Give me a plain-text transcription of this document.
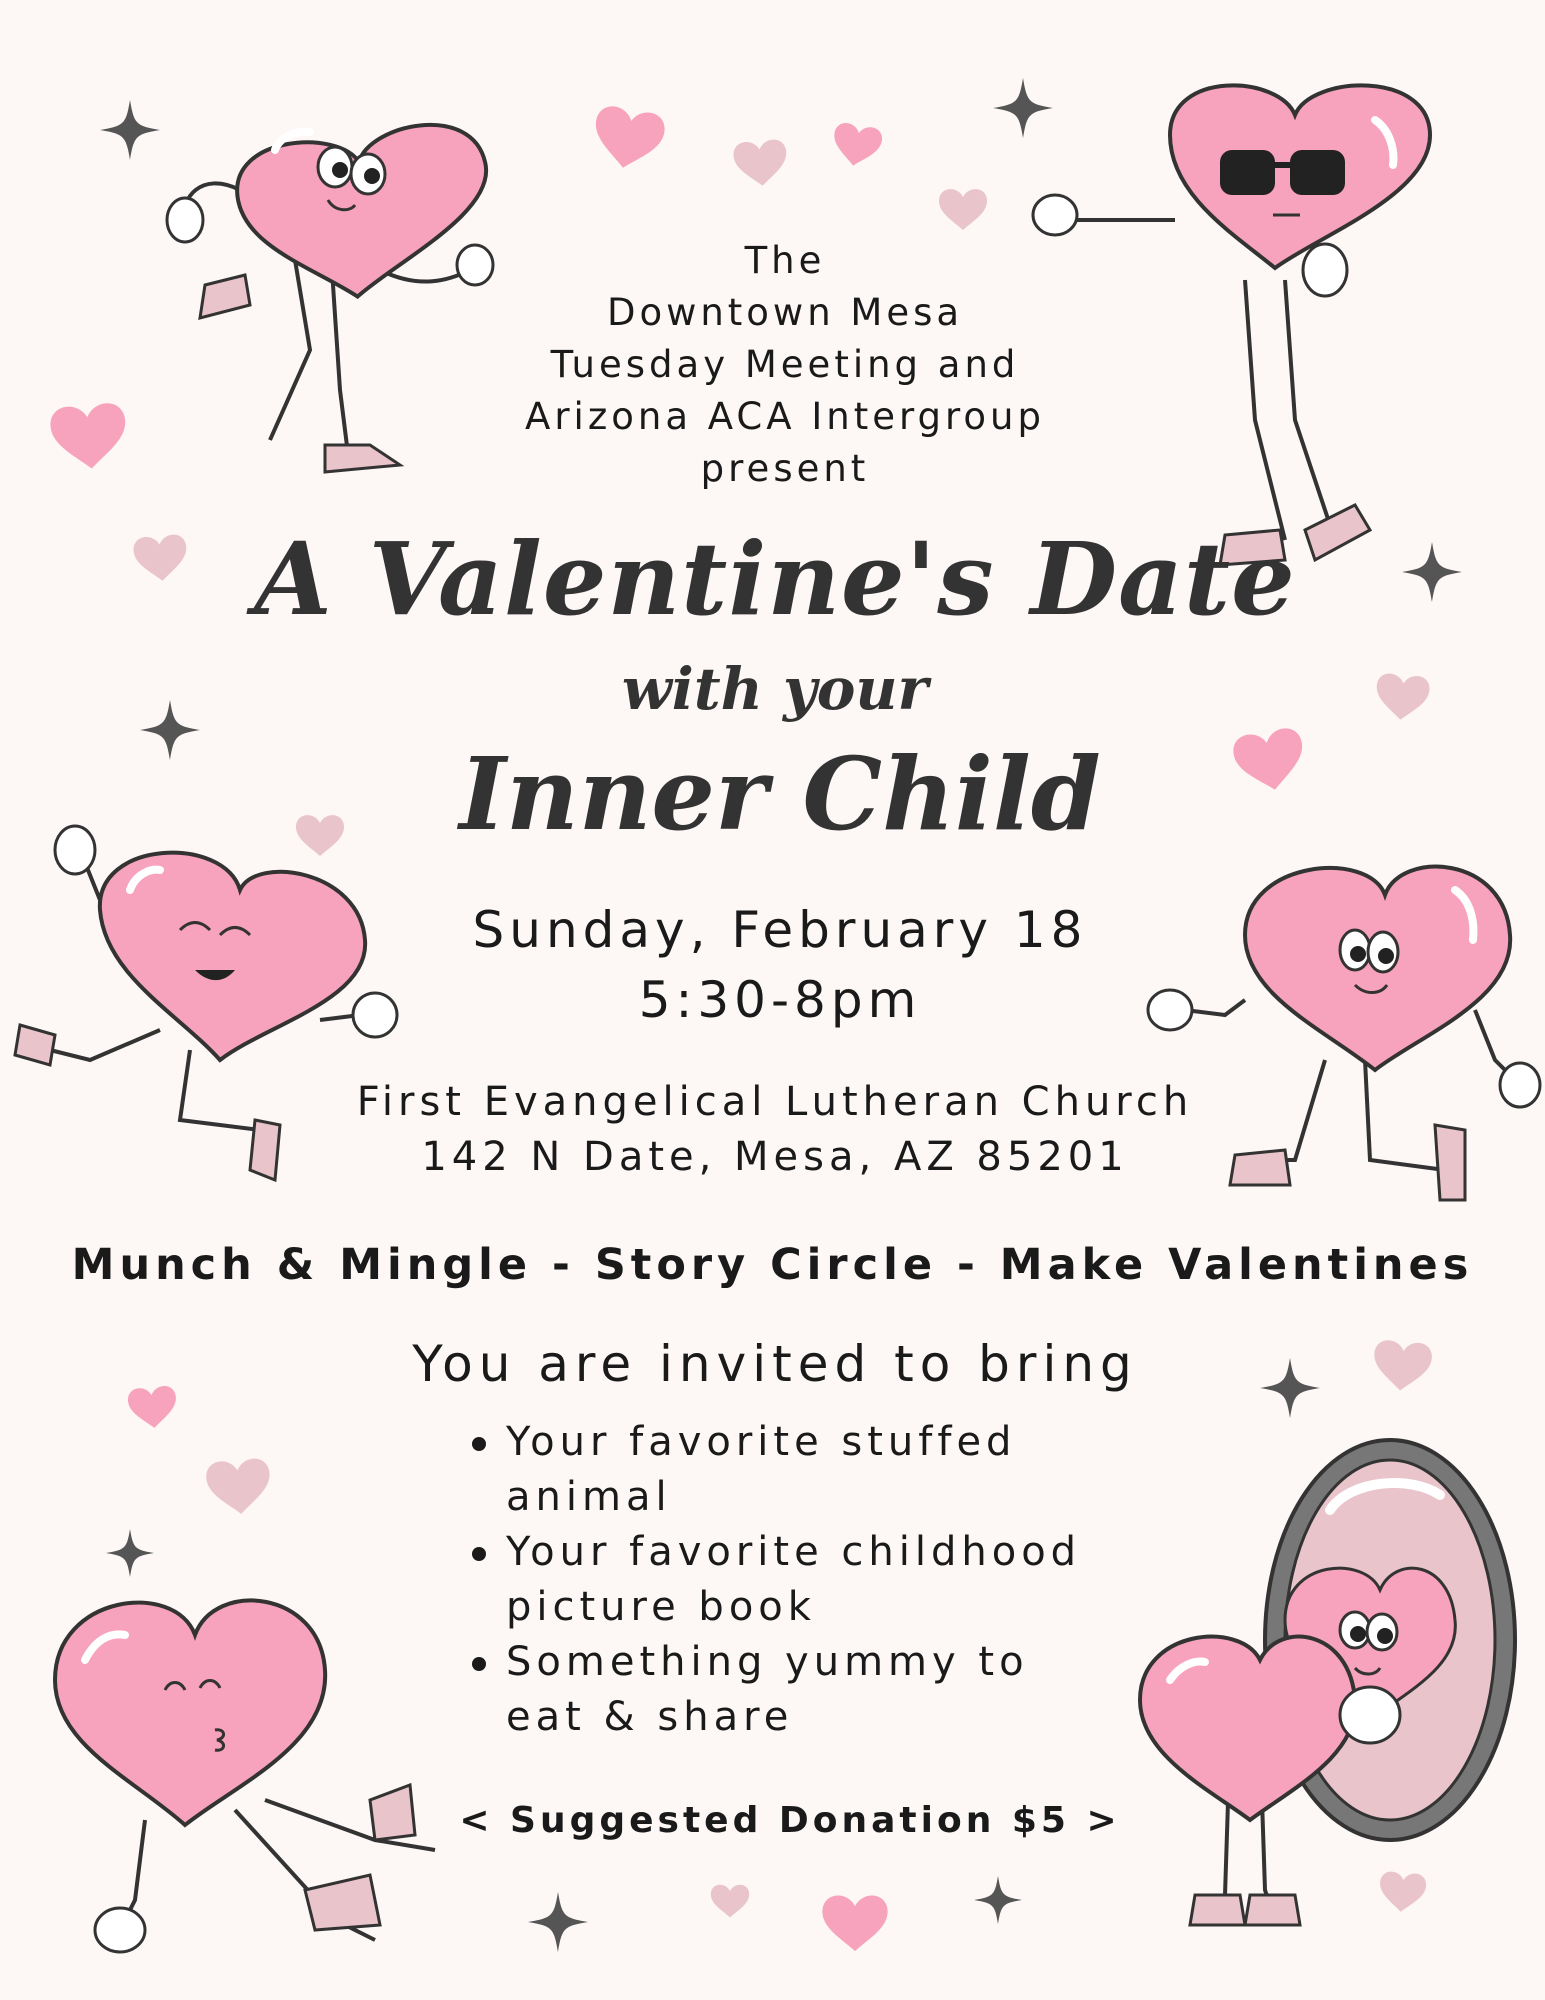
The
Downtown Mesa
Tuesday Meeting and
Arizona ACA Intergroup
present
A Valentine's Date
with your
Inner Child
Sunday, February 18
5:30-8pm
First Evangelical Lutheran Church
142 N Date, Mesa, AZ 85201
Munch & Mingle - Story Circle - Make Valentines
You are invited to bring
Your favorite stuffed
animal
Your favorite childhood
picture book
Something yummy to
eat & share
< Suggested Donation $5 >
